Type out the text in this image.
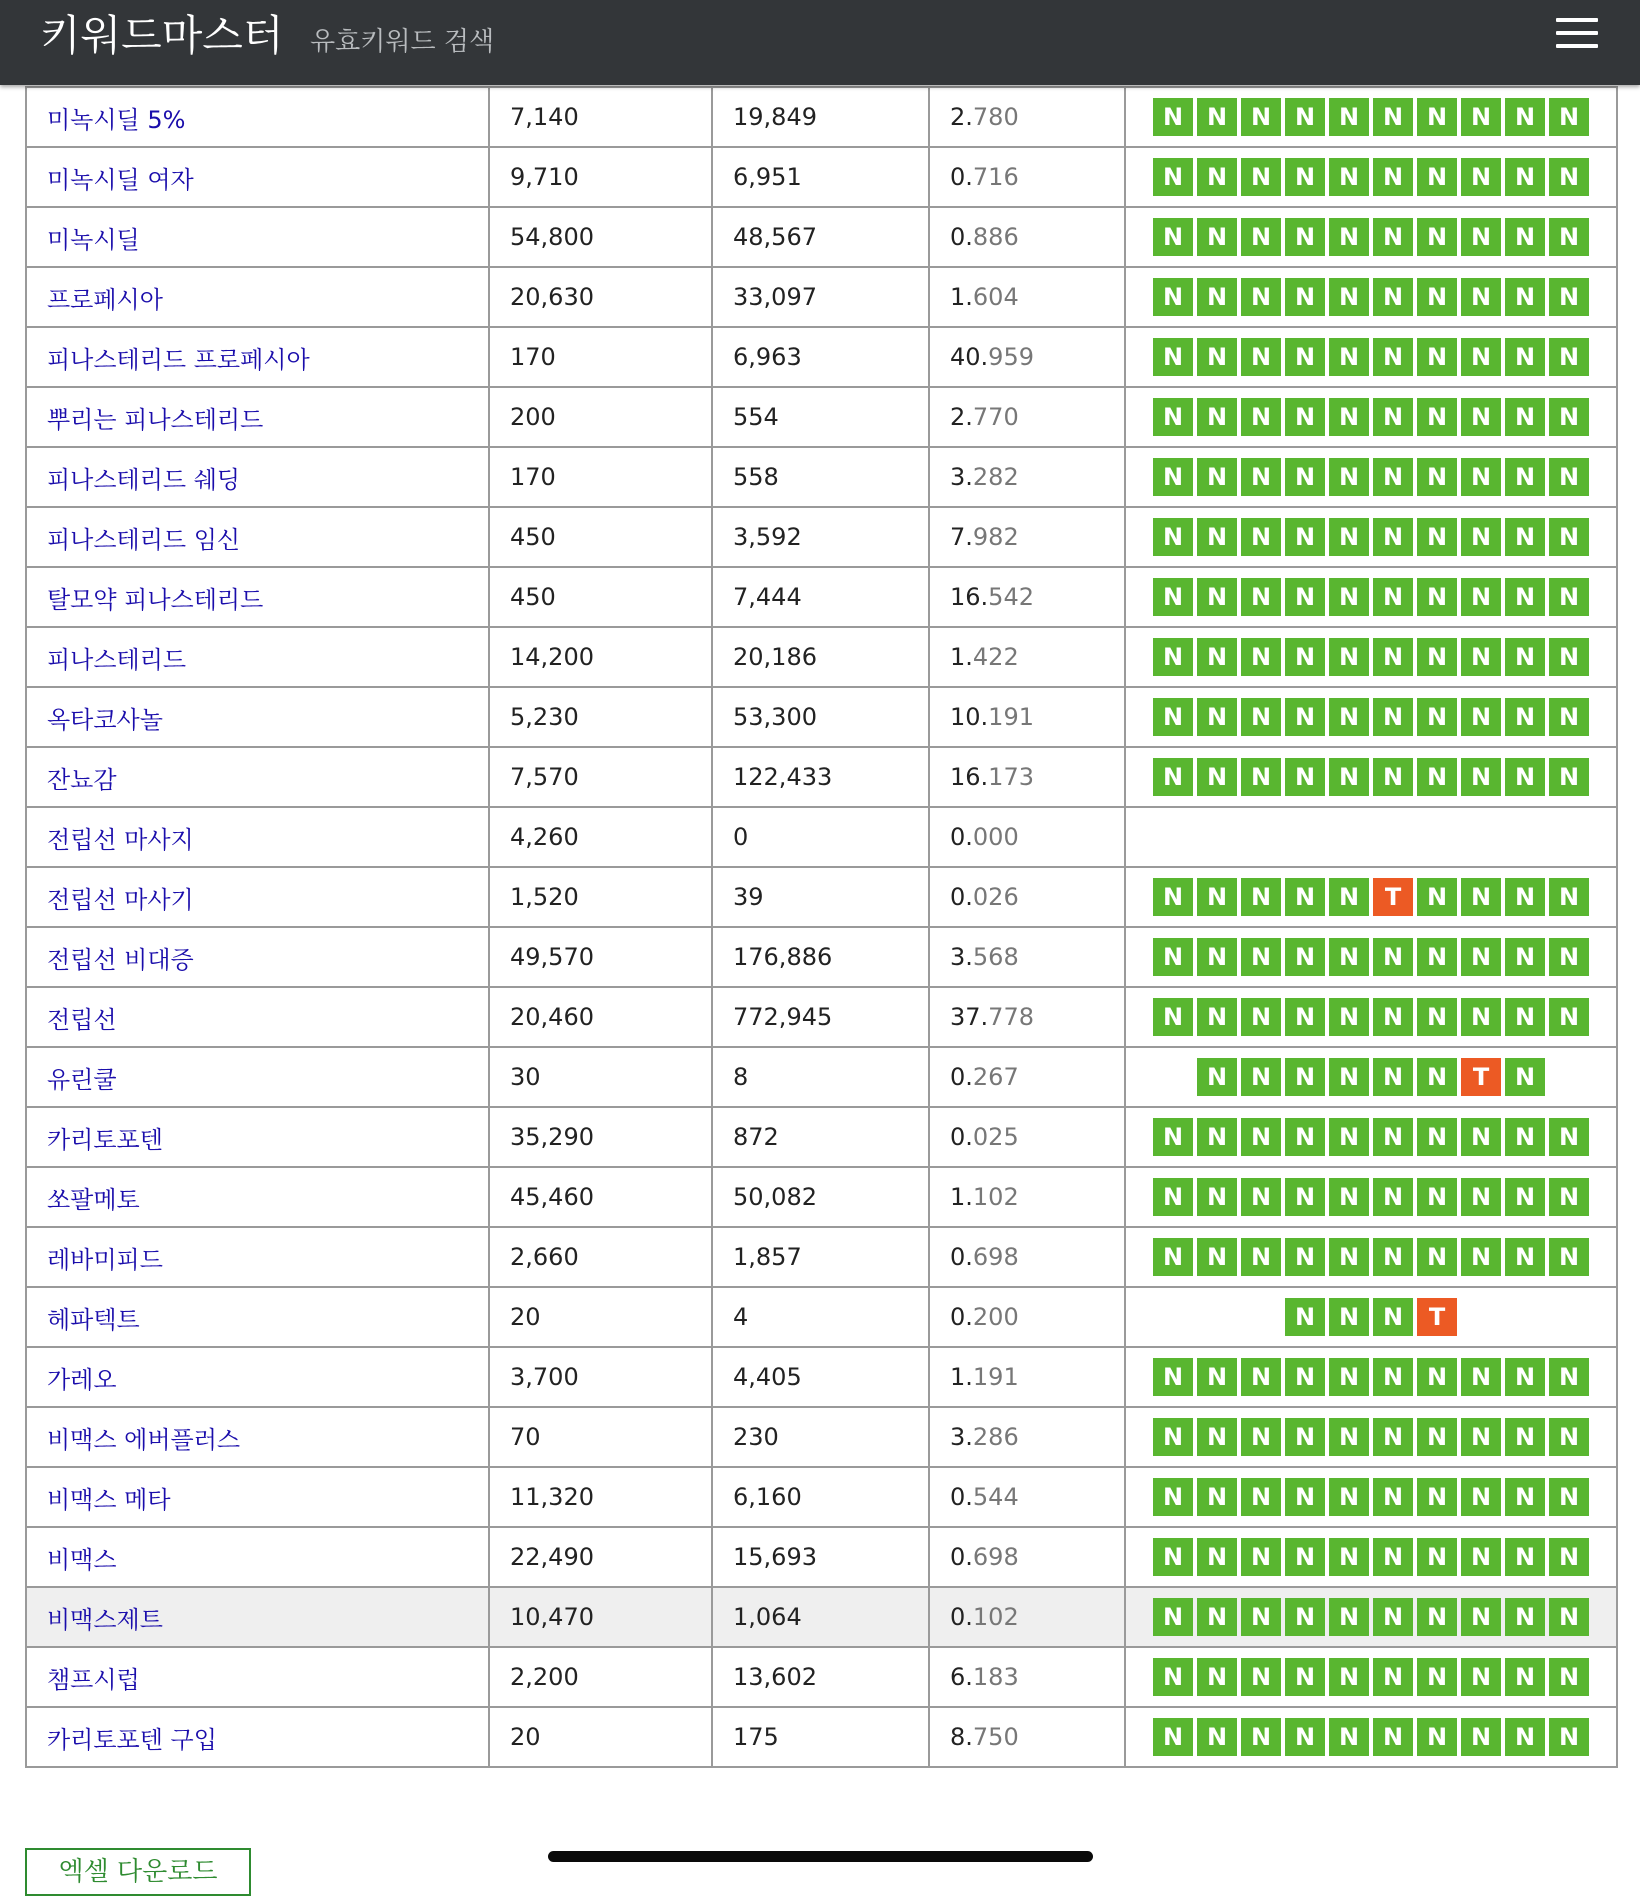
키워드마스터 유효키워드 검색
미녹시딜 5%	7,140	19,849	2.780	N N N N N N N N N N
미녹시딜 여자	9,710	6,951	0.716	N N N N N N N N N N
미녹시딜	54,800	48,567	0.886	N N N N N N N N N N
프로페시아	20,630	33,097	1.604	N N N N N N N N N N
피나스테리드 프로페시아	170	6,963	40.959	N N N N N N N N N N
뿌리는 피나스테리드	200	554	2.770	N N N N N N N N N N
피나스테리드 쉐딩	170	558	3.282	N N N N N N N N N N
피나스테리드 임신	450	3,592	7.982	N N N N N N N N N N
탈모약 피나스테리드	450	7,444	16.542	N N N N N N N N N N
피나스테리드	14,200	20,186	1.422	N N N N N N N N N N
옥타코사놀	5,230	53,300	10.191	N N N N N N N N N N
잔뇨감	7,570	122,433	16.173	N N N N N N N N N N
전립선 마사지	4,260	0	0.000	
전립선 마사기	1,520	39	0.026	N N N N N T N N N N
전립선 비대증	49,570	176,886	3.568	N N N N N N N N N N
전립선	20,460	772,945	37.778	N N N N N N N N N N
유린쿨	30	8	0.267	N N N N N N T N
카리토포텐	35,290	872	0.025	N N N N N N N N N N
쏘팔메토	45,460	50,082	1.102	N N N N N N N N N N
레바미피드	2,660	1,857	0.698	N N N N N N N N N N
헤파텍트	20	4	0.200	N N N T
가레오	3,700	4,405	1.191	N N N N N N N N N N
비맥스 에버플러스	70	230	3.286	N N N N N N N N N N
비맥스 메타	11,320	6,160	0.544	N N N N N N N N N N
비맥스	22,490	15,693	0.698	N N N N N N N N N N
비맥스제트	10,470	1,064	0.102	N N N N N N N N N N
챔프시럽	2,200	13,602	6.183	N N N N N N N N N N
카리토포텐 구입	20	175	8.750	N N N N N N N N N N
엑셀 다운로드
